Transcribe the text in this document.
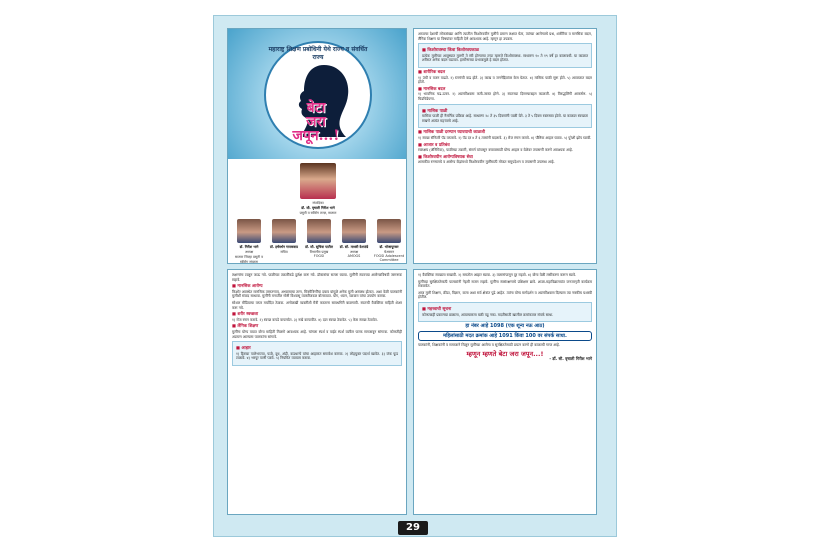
महाराष्ट्र शिक्षण प्रबोधिनी येथे राज्य व संवर्धित राज्य
बेटा
जरा
जपून...!
संपादिका
डॉ. सौ. वृषाली गिरीश भागे
प्रसूती व स्त्रीरोग तज्ज्ञ, सातारा
डॉ. गिरीश भागे
अध्यक्ष
सातारा जिल्हा प्रसूती व स्त्रीरोग संघटना
डॉ. हर्षवर्धन गायकवाड
सचिव
डॉ. सौ. सुचित्रा पाटील
विभागीय प्रमुख
FOGSI
डॉ. सौ. माधवी देशपांडे
अध्यक्ष
AMOGS
डॉ. भोजापूरकर
चेअरमन
FOGSI Adolescent Committee

आपल्या देशाची लोकसंख्या आणि त्यातील किशोरवयीन मुलींचे प्रमाण लक्षात घेता, त्यांच्या आरोग्याचे प्रश्न, शारीरिक व मानसिक बदल, लैंगिक शिक्षण या विषयांवर माहिती देणे आवश्यक आहे. म्हणून हा उपक्रम.

■ किशोरावस्था किंवा किशोरवयकाळ

प्रत्येक मुलीच्या आयुष्यात मुलगी ते स्त्री होण्याचा टप्पा म्हणजे किशोरावस्था. साधारण १० ते १९ वर्षे हा कालावधी. या काळात शरीरात अनेक बदल घडतात. हार्मोन्सच्या प्रभावामुळे हे बदल होतात.

■ शारीरिक बदल

१) उंची व वजन वाढते. २) स्तनांची वाढ होते. ३) काख व जननेंद्रियांवर केस येतात. ४) मासिक पाळी सुरू होते. ५) आवाजात बदल होतो.

■ मानसिक बदल

१) भावनिक चढ-उतार. २) आत्मविश्वास कमी-जास्त होणे. ३) स्वतःच्या दिसण्याबद्दल काळजी. ४) विरुद्धलिंगी आकर्षण. ५) चिडचिडेपणा.

■ मासिक पाळी

मासिक पाळी ही नैसर्गिक प्रक्रिया आहे. साधारण २८ ते ३५ दिवसांनी पाळी येते. ३ ते ५ दिवस रक्तस्राव होतो. या काळात स्वच्छता राखणे अत्यंत महत्त्वाचे आहे.

■ मासिक पाळी दरम्यान घ्यावयाची काळजी

१) स्वच्छ सॅनिटरी पॅड वापरावे. २) पॅड दर ४ ते ६ तासांनी बदलावे. ३) रोज स्नान करावे. ४) पौष्टिक आहार घ्यावा. ५) पुरेशी झोप घ्यावी.

■ आजार व प्रतिबंध

रक्तक्षय (ॲनिमिया), पाळीच्या तक्रारी, संसर्ग यांपासून बचावासाठी योग्य आहार व वेळेवर तपासणी करणे आवश्यक आहे.

■ किशोरवयीन आरोग्यविषयक सेवा

शासकीय रुग्णालये व आरोग्य केंद्रांमध्ये किशोरवयीन मुलींसाठी मोफत समुपदेशन व तपासणी उपलब्ध आहे.

लक्षणांना टाळून जाऊ नये. पाळीच्या तक्रारींकडे दुर्लक्ष करू नये. डॉक्टरांचा सल्ला घ्यावा. मुलींनी स्वतःच्या आरोग्याविषयी जागरूक राहावे.

■ मानसिक आरोग्य

किशोर अवस्थेत मानसिक ताणतणाव, अभ्यासाचा ताण, मित्रमैत्रिणींचा दबाव यांमुळे अनेक मुली अस्वस्थ होतात. अशा वेळी पालकांनी मुलींशी संवाद साधावा. मुलींनी मनातील गोष्टी विश्वासू व्यक्तीजवळ बोलाव्यात. योग, ध्यान, व्यायाम यांचा उपयोग करावा.

सोशल मीडियाचा वापर मर्यादित ठेवावा. अनोळखी व्यक्तींशी मैत्री करताना सावधगिरी बाळगावी. स्वतःची वैयक्तिक माहिती शेअर करू नये.

■ शरीर स्वच्छता

१) रोज स्नान करावे. २) स्वच्छ कपडे वापरावेत. ३) नखे कापावीत. ४) दात स्वच्छ ठेवावेत. ५) केस स्वच्छ ठेवावेत.

■ लैंगिक शिक्षण

मुलींना योग्य वयात योग्य माहिती मिळणे आवश्यक आहे. चांगला स्पर्श व वाईट स्पर्श यातील फरक समजावून सांगावा. कोणतीही अडचण आल्यास पालकांना सांगावे.

■ आहार

१) हिरव्या पालेभाज्या, फळे, दूध, अंडी, कडधान्ये यांचा आहारात समावेश करावा. २) लोहयुक्त पदार्थ खावेत. ३) जंक फूड टाळावे. ४) भरपूर पाणी प्यावे. ५) नियमित व्यायाम करावा.

१) वैयक्तिक स्वच्छता राखावी. २) समतोल आहार घ्यावा. ३) व्यसनांपासून दूर राहावे. ४) योग्य वेळी लसीकरण करून घ्यावे.

मुलींच्या सुरक्षिततेसाठी पालकांनी नेहमी सजग राहावे. मुलींना स्वसंरक्षणाचे प्रशिक्षण द्यावे. शाळा-महाविद्यालयांत जनजागृती कार्यक्रम राबवावेत.

आज मुली शिक्षण, क्रीडा, विज्ञान, कला अशा सर्व क्षेत्रांत पुढे आहेत. त्यांना योग्य मार्गदर्शन व आत्मविश्वास दिल्यास त्या नक्कीच यशस्वी होतील.

■ महत्त्वाची सूचना

कोणत्याही प्रकारच्या छळाला, अत्याचाराला बळी पडू नका. मदतीसाठी खालील क्रमांकावर संपर्क साधा.

हा नंबर आहे 1098 (एक शून्य नऊ आठ)
महिलांसाठी मदत क्रमांक आहे 1091 किंवा 100 वर संपर्क साधा.

पालकांनी, शिक्षकांनी व समाजाने मिळून मुलींच्या आरोग्य व सुरक्षिततेसाठी प्रयत्न करणे ही काळाची गरज आहे.

म्हणून म्हणते बेटा जरा जपून...!
- डॉ. सौ. वृषाली गिरीश भागे
29
